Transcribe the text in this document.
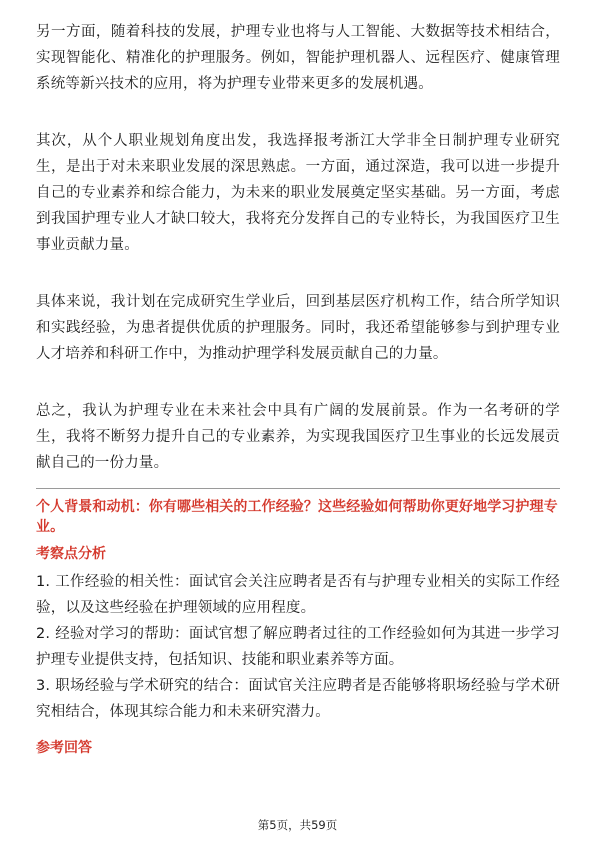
另一方面，随着科技的发展，护理专业也将与人工智能、大数据等技术相结合，实现智能化、精准化的护理服务。例如，智能护理机器人、远程医疗、健康管理系统等新兴技术的应用，将为护理专业带来更多的发展机遇。

其次，从个人职业规划角度出发，我选择报考浙江大学非全日制护理专业研究生，是出于对未来职业发展的深思熟虑。一方面，通过深造，我可以进一步提升自己的专业素养和综合能力，为未来的职业发展奠定坚实基础。另一方面，考虑到我国护理专业人才缺口较大，我将充分发挥自己的专业特长，为我国医疗卫生事业贡献力量。

具体来说，我计划在完成研究生学业后，回到基层医疗机构工作，结合所学知识和实践经验，为患者提供优质的护理服务。同时，我还希望能够参与到护理专业人才培养和科研工作中，为推动护理学科发展贡献自己的力量。

总之，我认为护理专业在未来社会中具有广阔的发展前景。作为一名考研的学生，我将不断努力提升自己的专业素养，为实现我国医疗卫生事业的长远发展贡献自己的一份力量。

个人背景和动机：你有哪些相关的工作经验？这些经验如何帮助你更好地学习护理专业。

考察点分析

1. 工作经验的相关性：面试官会关注应聘者是否有与护理专业相关的实际工作经验，以及这些经验在护理领域的应用程度。

2. 经验对学习的帮助：面试官想了解应聘者过往的工作经验如何为其进一步学习护理专业提供支持，包括知识、技能和职业素养等方面。

3. 职场经验与学术研究的结合：面试官关注应聘者是否能够将职场经验与学术研究相结合，体现其综合能力和未来研究潜力。

参考回答

第5页，共59页
